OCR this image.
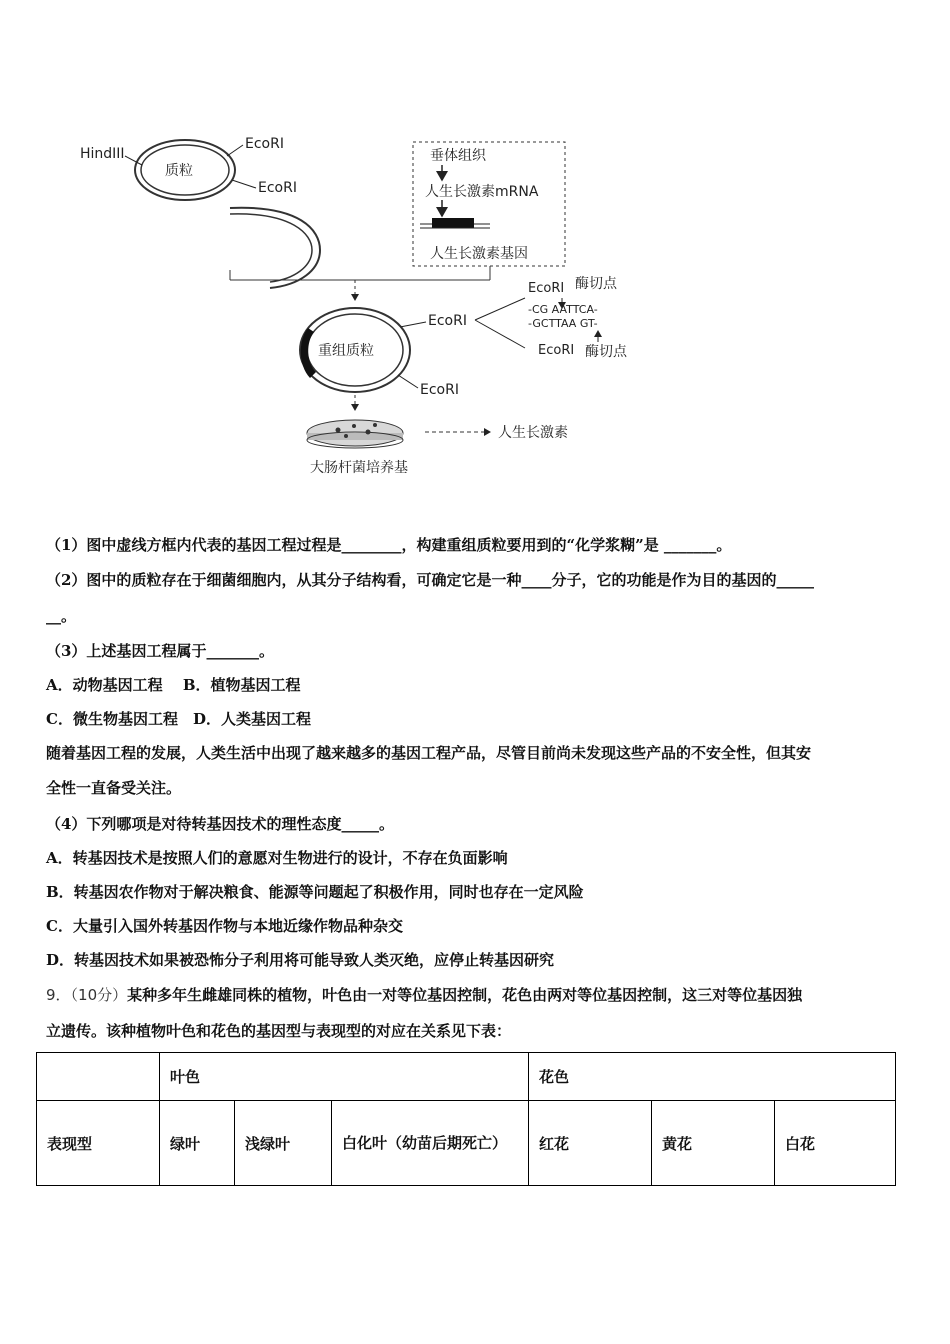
质粒
HindIII
EcoRI
EcoRI
垂体组织
人生长激素mRNA
人生长激素基因
重组质粒
EcoRI
EcoRI
EcoRI 酶切点
-CG AATTCA-
-GCTTAA GT-
EcoRI 酶切点
人生长激素
大肠杆菌培养基
（1）图中虚线方框内代表的基因工程过程是________，构建重组质粒要用到的“化学浆糊”是 _______。
（2）图中的质粒存在于细菌细胞内，从其分子结构看，可确定它是一种____分子，它的功能是作为目的基因的_____
__。
（3）上述基因工程属于_______。
A．动物基因工程　 B．植物基因工程
C．微生物基因工程　D．人类基因工程
随着基因工程的发展，人类生活中出现了越来越多的基因工程产品，尽管目前尚未发现这些产品的不安全性，但其安
全性一直备受关注。
（4）下列哪项是对待转基因技术的理性态度_____。
A．转基因技术是按照人们的意愿对生物进行的设计，不存在负面影响
B．转基因农作物对于解决粮食、能源等问题起了积极作用，同时也存在一定风险
C．大量引入国外转基因作物与本地近缘作物品种杂交
D．转基因技术如果被恐怖分子利用将可能导致人类灭绝，应停止转基因研究
9．（10分）某种多年生雌雄同株的植物，叶色由一对等位基因控制，花色由两对等位基因控制，这三对等位基因独
立遗传。该种植物叶色和花色的基因型与表现型的对应在关系见下表：
	叶色			花色		
表现型	绿叶	浅绿叶	白化叶（幼苗后期死亡）	红花	黄花	白花
